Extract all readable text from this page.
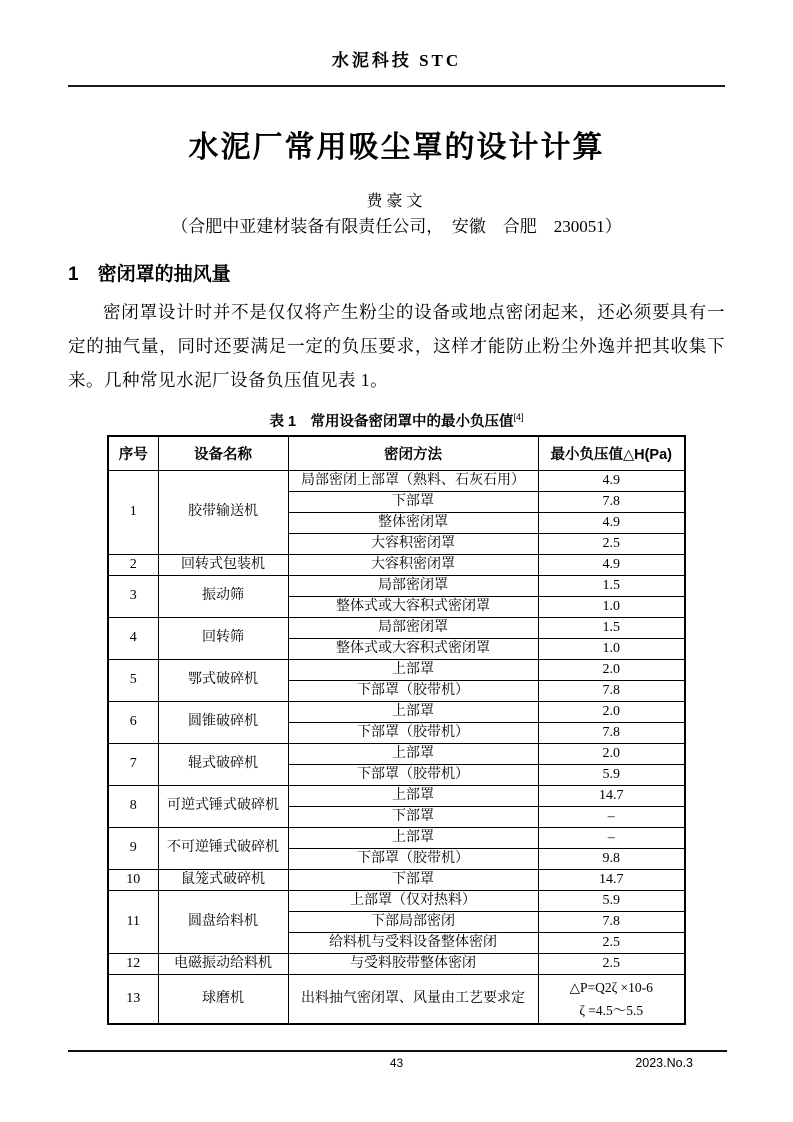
水泥科技 STC
水泥厂常用吸尘罩的设计计算
费豪文
（合肥中亚建材装备有限责任公司，　安徽　合肥　230051）
1　密闭罩的抽风量
密闭罩设计时并不是仅仅将产生粉尘的设备或地点密闭起来，还必须要具有一定的抽气量，同时还要满足一定的负压要求，这样才能防止粉尘外逸并把其收集下来。几种常见水泥厂设备负压值见表 1。
表 1　 常用设备密闭罩中的最小负压值[4]
序号	设备名称	密闭方法	最小负压值△H(Pa)
1	胶带输送机	局部密闭上部罩（熟料、石灰石用）	4.9
		下部罩	7.8
		整体密闭罩	4.9
		大容积密闭罩	2.5
2	回转式包装机	大容积密闭罩	4.9
3	振动筛	局部密闭罩	1.5
		整体式或大容积式密闭罩	1.0
4	回转筛	局部密闭罩	1.5
		整体式或大容积式密闭罩	1.0
5	鄂式破碎机	上部罩	2.0
		下部罩（胶带机）	7.8
6	圆锥破碎机	上部罩	2.0
		下部罩（胶带机）	7.8
7	辊式破碎机	上部罩	2.0
		下部罩（胶带机）	5.9
8	可逆式锤式破碎机	上部罩	14.7
		下部罩	–
9	不可逆锤式破碎机	上部罩	–
		下部罩（胶带机）	9.8
10	鼠笼式破碎机	下部罩	14.7
11	圆盘给料机	上部罩（仅对热料）	5.9
		下部局部密闭	7.8
		给料机与受料设备整体密闭	2.5
12	电磁振动给料机	与受料胶带整体密闭	2.5
13	球磨机	出料抽气密闭罩、风量由工艺要求定	△P=Q2ζ ×10-6
ζ =4.5～5.5
43	2023.No.3
